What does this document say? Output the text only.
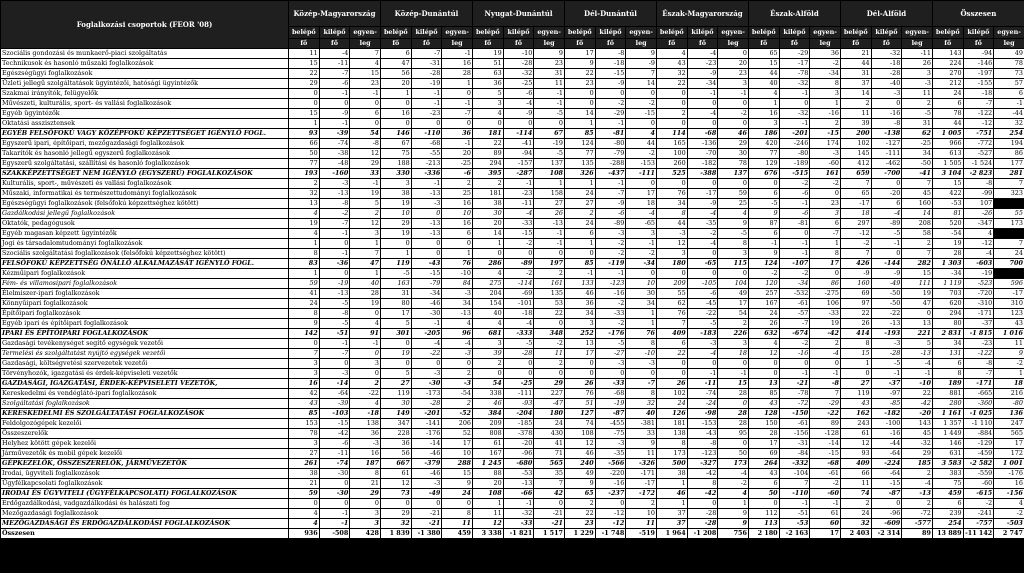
Foglalkozási csoportok (FEOR '08)	Közép-Magyarország			Közép-Dunántúl			Nyugat-Dunántúl			Dél-Dunántúl			Észak-Magyarország			Észak-Alföld			Dél-Alföld			Összesen		
	belépő	kilépő	egyen-	belépő	kilépő	egyen-	belépő	kilépő	egyen-	belépő	kilépő	egyen-	belépő	kilépő	egyen-	belépő	kilépő	egyen-	belépő	kilépő	egyen-	belépő	kilépő	egyen-
	fő	fő	leg	fő	fő	leg	fő	fő	leg	fő	fő	leg	fő	fő	leg	fő	fő	leg	fő	fő	leg	fő	fő	leg
Szociális gondozási és munkaerő-piaci szolgáltatás	11	-4	7	6	-7	-1	19	-10	9	17	-8	9	4	-4	0	65	-29	36	21	-32	-11	143	-94	49
Technikusok és hasonló műszaki foglalkozások	15	-11	4	47	-31	16	51	-28	23	9	-18	-9	43	-23	20	15	-17	-2	44	-18	26	224	-146	78
Egészségügyi foglalkozások	22	-7	15	56	-28	28	63	-32	31	22	-15	7	32	-9	23	44	-78	-34	31	-28	3	270	-197	73
Üzleti jellegű szolgáltatások ügyintézői, hatósági ügyintézők	29	-6	23	20	-19	1	36	-25	11	23	-9	14	22	-34	3	40	-32	8	37	-40	-3	212	-155	57
Szakmai irányítók, felügyelők	0	-1	-1	1	-1	0	5	-6	-1	0	0	0	0	-1	-1	4	-1	3	14	-3	11	24	-18	6
Művészeti, kulturális, sport- és vallási foglalkozások	0	0	0	0	-1	-1	3	-4	-1	0	-2	-2	0	0	0	1	0	1	2	0	2	6	-7	-1
Egyéb ügyintézők	15	-9	6	16	-23	-7	4	-9	-5	14	-29	-15	2	-4	-2	16	-32	-16	11	-16	-5	78	-122	-44
Oktatási asszisztensek	1	-1	0	0	0	0	0	0	0	1	-1	0	0	0	0	3	-1	2	39	-8	31	44	-12	32
EGYÉB FELSŐFOKÚ VAGY KÖZÉPFOKÚ KÉPZETTSÉGET IGÉNYLŐ FOGL.	93	-39	54	146	-110	36	181	-114	67	85	-81	4	114	-68	46	186	-201	-15	200	-138	62	1 005	-751	254
Egyszerű ipari, építőipari, mezőgazdasági foglalkozások	66	-74	-8	67	-68	-1	22	-41	-19	124	-80	44	165	-136	29	420	-246	174	102	-127	-25	966	-772	194
Takarítók és hasonló jellegű egyszerű foglalkozások	50	-38	12	75	-55	20	89	-94	-5	77	-79	-2	100	-70	30	77	-80	-3	145	-111	34	613	-527	86
Egyszerű szolgáltatási, szállítási és hasonló foglalkozások	77	-48	29	188	-213	-25	294	-157	137	135	-288	-153	260	-182	78	129	-189	-60	412	-462	-50	1 505	-1 524	177
SZAKKÉPZETTSÉGET NEM IGÉNYLŐ (EGYSZERŰ) FOGLALKOZÁSOK	193	-160	33	330	-336	-6	395	-287	108	326	-437	-111	525	-388	137	676	-515	161	659	-700	-41	3 104	-2 823	281
Kulturális, sport-, művészeti és vallási foglalkozások	2	-3	-1	3	-1	2	2	-1	1	1	-1	0	0	0	0	0	-2	-2	7	0	7	15	-8	7
Műszaki, informatikai és természettudományi foglalkozások	32	-13	19	38	-13	25	181	-23	158	24	-7	17	76	-17	59	6	-6	0	65	-20	45	422	-99	323
Egészségügyi foglalkozások (felsőfokú képzettséghez kötött)	13	-8	5	19	-3	16	38	-11	27	27	-9	18	34	-9	25	-5	-1	23	-17	6	160	-53	107	
Gazdálkodási jellegű foglalkozások	4	-2	2	10	0	10	30	-4	26	2	-6	-4	8	-4	4	9	-6	3	18	-4	14	81	-26	55
Oktatók, pedagógusok	19	-7	12	29	-13	16	20	-33	-13	24	-89	-65	44	-35	9	87	-81	6	297	-89	208	520	-347	173
Egyéb magasan képzett ügyintézők	4	-1	3	19	-13	6	14	-15	-1	6	-3	3	-3	-2	-5	6	0	-7	-12	-5	58	-54	4	
Jogi és társadalomtudományi foglalkozások	1	0	1	0	0	0	1	-2	-1	1	-2	-1	12	-4	8	-1	-1	1	-2	-1	2	19	-12	7
Szociális szolgáltatási foglalkozások (felsőfokú képzettséghez kötött)	8	-1	7	1	0	1	0	0	0	0	-2	-2	3	0	3	9	-1	8	7	0	7	28	-4	24
FELSŐFOKÚ KÉPZETTSÉG ÖNÁLLÓ ALKALMAZÁSÁT IGÉNYLŐ FOGL.	83	-36	47	119	-43	76	286	-89	197	85	-119	-34	180	-65	115	124	-107	17	426	-144	282	1 303	-603	700
Kézműipari foglalkozások	1	0	1	-5	-15	-10	4	-2	2	-1	-1	0	0	0	0	-2	-2	0	-9	-9	15	-34	-19	
Fém- és villamosipari foglalkozások	59	-19	40	163	-79	84	275	-114	161	133	-123	10	209	-105	104	120	-34	86	160	-49	111	1 119	-523	596
Élelmiszer-ipari foglalkozások	41	-13	28	31	-34	-3	204	-69	135	46	-16	30	55	-6	49	257	-532	-275	69	-50	19	703	-720	-17
Könnyűipari foglalkozások	24	-5	19	80	-46	34	154	-101	53	36	-2	34	62	-45	17	167	-61	106	97	-50	47	620	-310	310
Építőipari foglalkozások	8	-8	0	17	-30	-13	40	-18	22	34	-33	1	76	-22	54	24	-57	-33	22	-22	0	294	-171	123
Egyéb ipari és építőipari foglalkozások	9	-5	4	5	-1	4	4	-4	0	3	-2	1	7	-5	2	26	-7	19	26	-13	13	80	-37	43
IPARI ÉS ÉPÍTŐIPARI FOGLALKOZÁSOK	142	-51	91	301	-205	96	681	-333	348	252	-176	76	409	-183	226	632	-674	-42	414	-193	221	2 831	-1 815	1 016
Gazdasági tevékenységet segítő egységek vezetői	0	-1	-1	0	-4	-4	3	-5	-2	13	-5	8	6	-3	3	4	-2	2	8	-3	5	34	-23	11
Termelési és szolgáltatást nyújtó egységek vezetői	7	-7	0	19	-22	-3	39	-28	11	17	-27	-10	22	-4	18	12	-16	-4	15	-28	-13	131	-122	9
Gazdasági, költségvetési szervezetek vezetői	3	0	3	0	0	0	2	0	2	0	-3	-3	0	0	0	0	0	0	1	-5	-4	6	-8	-2
Törvényhozók, igazgatási és érdek-képviseleti vezetők	3	-3	0	5	-3	2	0	0	0	0	0	0	0	-1	-1	0	-1	-1	0	-1	-1	8	-7	1
GAZDASÁGI, IGAZGATÁSI, ÉRDEK-KÉPVISELETI VEZETŐK,	16	-14	2	27	-30	-3	54	-25	29	26	-33	-7	26	-11	15	13	-21	-8	27	-37	-10	189	-171	18
Kereskedelmi és vendéglátó-ipari foglalkozások	42	-64	-22	119	-173	-54	338	-111	227	76	-68	8	102	-74	28	85	-78	7	119	-97	22	881	-665	216
Szolgáltatási foglalkozások	43	-39	4	30	-28	2	46	-93	-47	51	-19	32	24	-24	0	43	-72	-29	43	-85	-42	280	-360	-80
KERESKEDELMI ÉS SZOLGÁLTATÁSI FOGLALKOZÁSOK	85	-103	-18	149	-201	-52	384	-204	180	127	-87	40	126	-98	28	128	-150	-22	162	-182	-20	1 161	-1 025	136
Feldolgozógépek kezelői	153	-15	138	347	-141	206	209	-185	24	74	-455	-381	181	-153	28	150	-61	89	243	-100	143	1 357	-1 110	247
Összeszerelők	78	-42	36	228	-176	52	808	-378	430	108	-75	33	138	-43	95	28	-156	-128	61	-16	45	1 449	-884	565
Helyhez kötött gépek kezelői	3	-6	-3	36	-14	17	61	-20	41	12	-3	9	8	-8	0	17	-31	-14	12	-44	-32	146	-129	17
Járművezetők és mobil gépek kezelői	27	-11	16	56	-46	10	167	-96	71	46	-35	11	173	-123	50	69	-84	-15	93	-64	29	631	-459	172
GÉPKEZELŐK, ÖSSZESZERELŐK, JÁRMŰVEZETŐK	261	-74	187	667	-379	288	1 245	-680	565	240	-566	-326	500	-327	173	264	-332	-68	409	-224	185	3 583	-2 582	1 001
Irodai, ügyviteli foglalkozások	38	-30	8	61	-46	15	88	-53	35	49	-220	-171	38	-42	-4	43	-104	-61	66	-64	2	383	-559	-176
Ügyfélkapcsolati foglalkozások	21	0	21	12	-3	9	20	-13	7	9	-16	-17	1	8	-2	6	7	-2	11	-15	-4	75	-60	16
IRODAI ÉS ÜGYVITELI (ÜGYFÉLKAPCSOLATI) FOGLALKOZÁSOK	59	-30	29	73	-49	24	108	-66	42	65	-237	-172	46	-42	4	50	-110	-60	74	-87	-13	459	-615	-156
Erdőgazdálkodási, vadgazdálkodási és halászati fog	0	0	0	0	0	0	1	-1	0	2	0	2	1	0	1	0	-1	-1	2	0	2	6	-2	4
Mezőgazdasági foglalkozások	4	-1	3	29	-21	8	11	-32	-21	22	-12	10	37	-28	9	112	-51	61	24	-96	-72	239	-241	-2
MEZŐGAZDASÁGI ÉS ERDŐGAZDÁLKODÁSI FOGLALKOZÁSOK	4	-1	3	32	-21	11	12	-33	-21	23	-12	11	37	-28	9	113	-53	60	32	-609	-577	254	-757	-503
Összesen	936	-508	428	1 839	-1 380	459	3 338	-1 821	1 517	1 229	-1 748	-519	1 964	-1 208	756	2 180	-2 163	17	2 403	-2 314	89	13 889	-11 142	2 747
